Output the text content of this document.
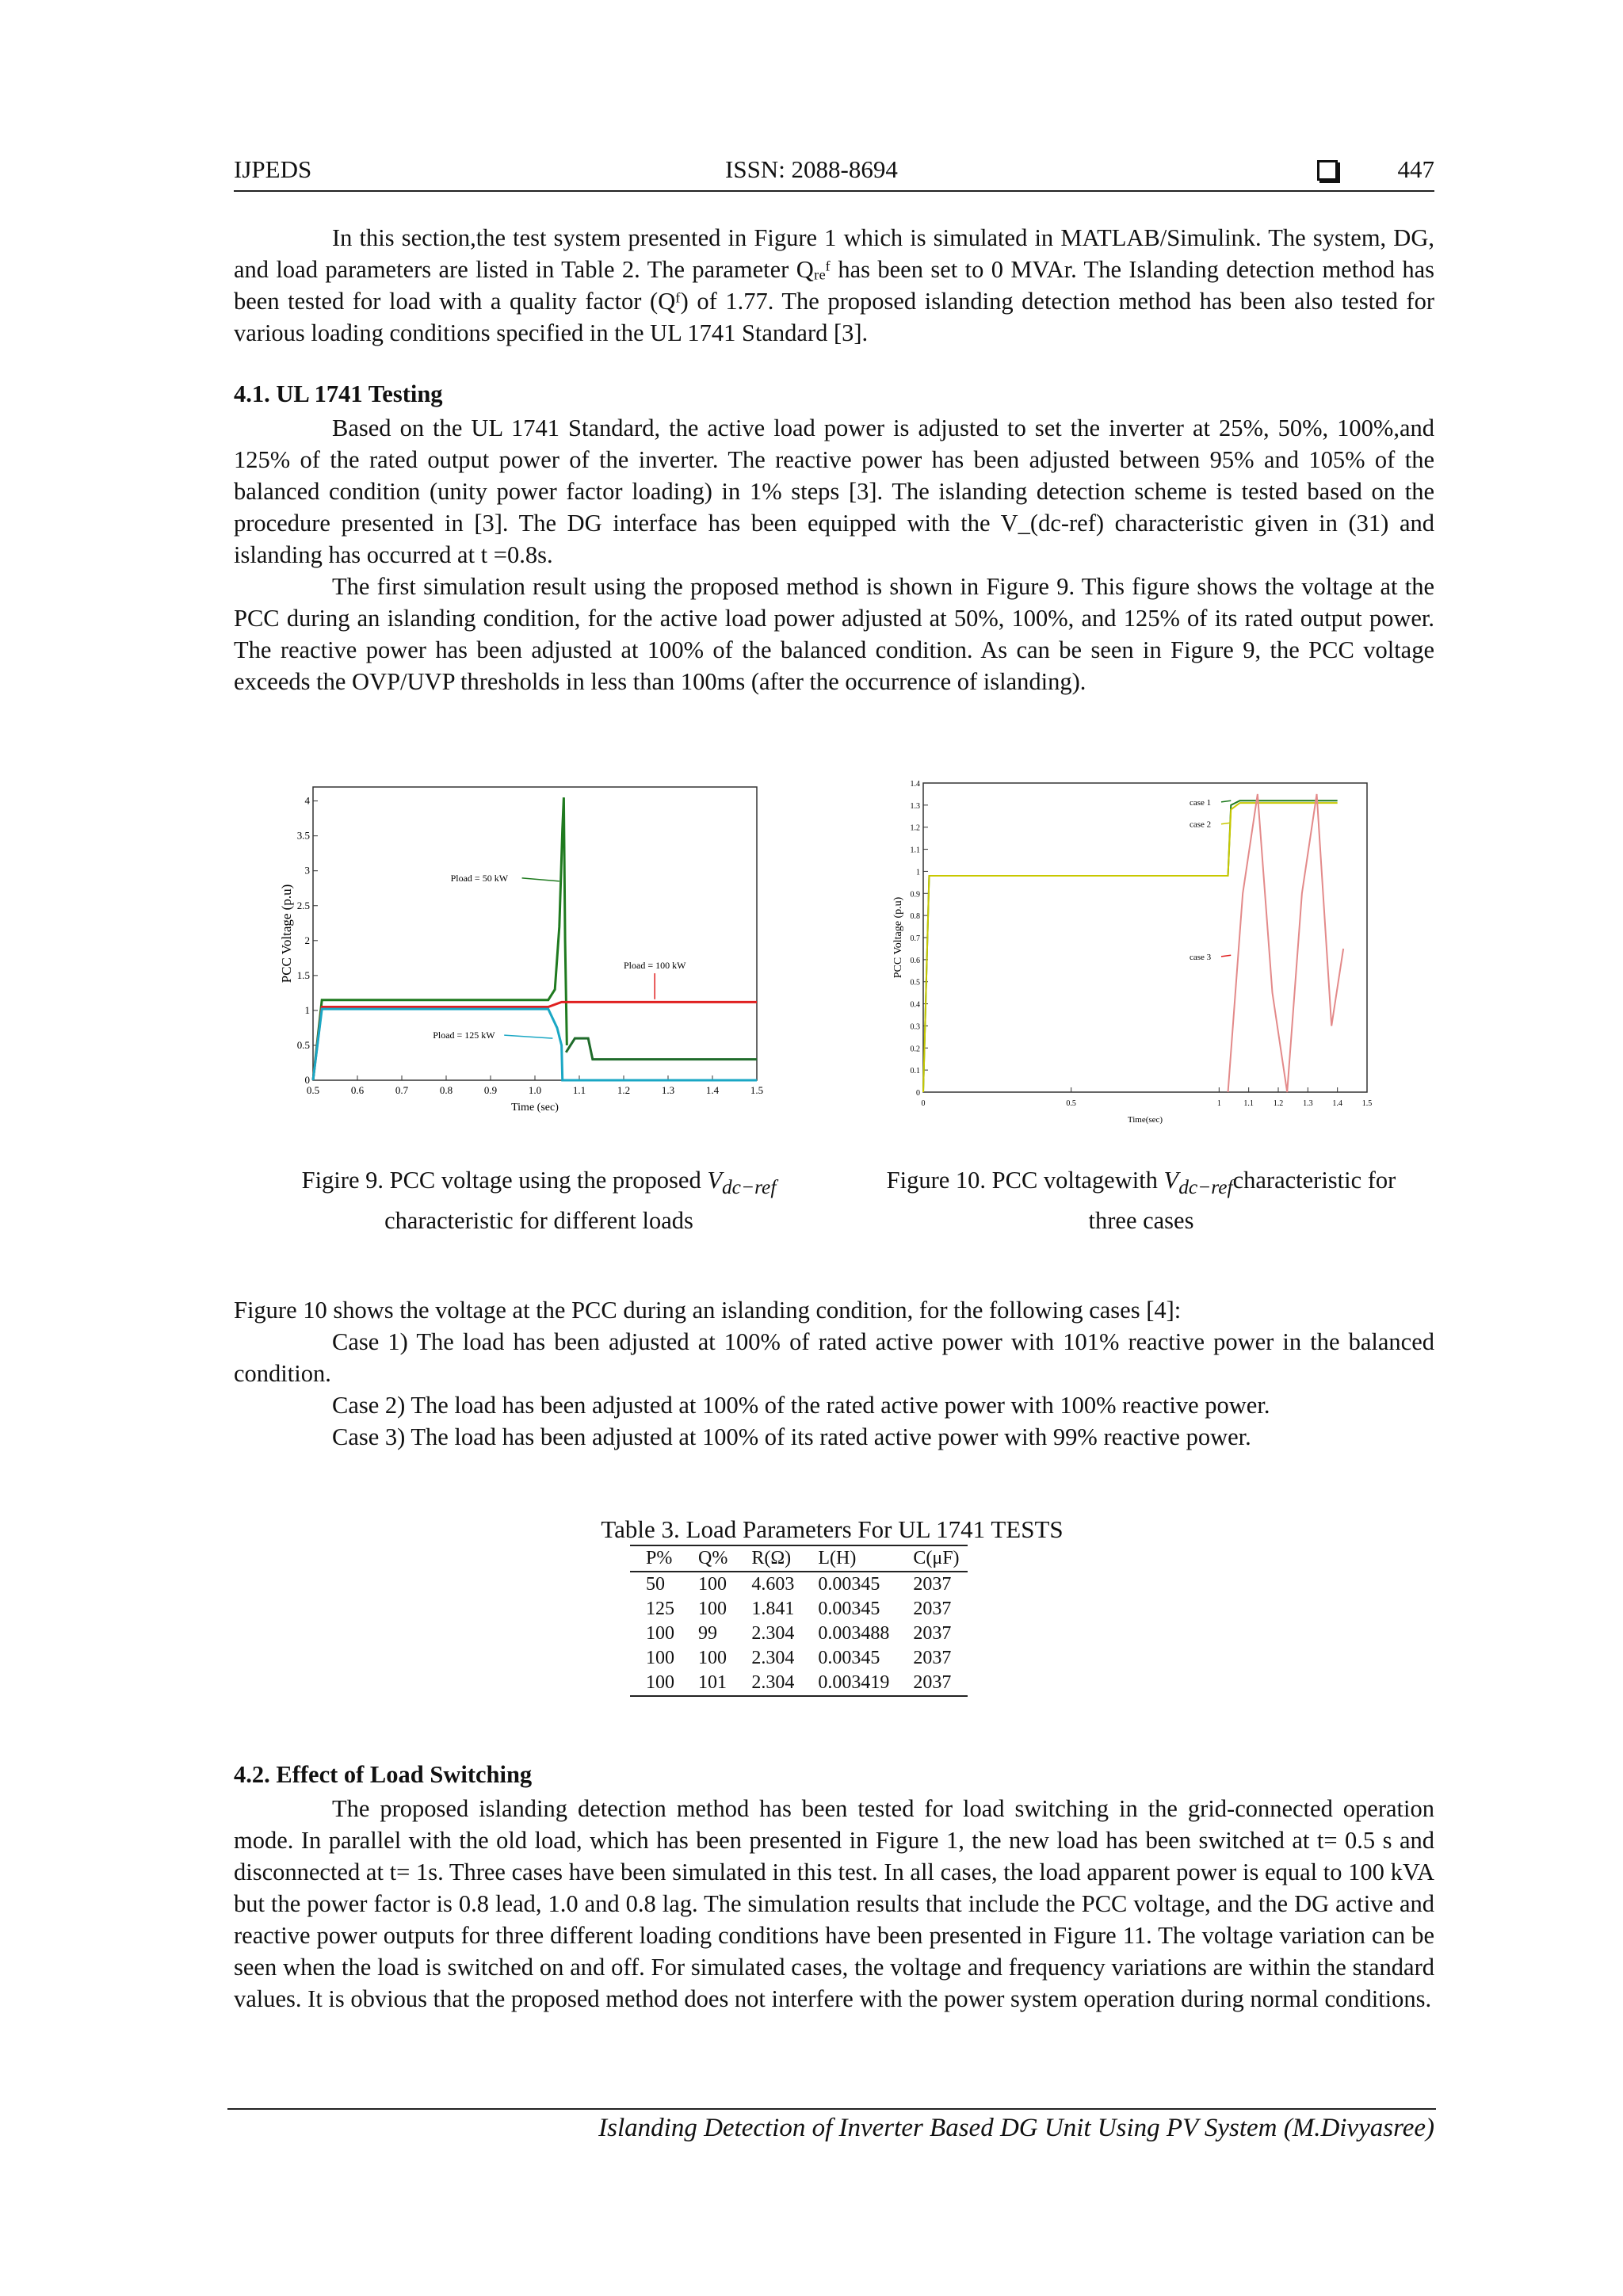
IJPEDS	ISSN: 2088-8694	447

In this section,the test system presented in Figure 1 which is simulated in MATLAB/Simulink. The system, DG, and load parameters are listed in Table 2. The parameter Qᵣₑᶠ has been set to 0 MVAr. The Islanding detection method has been tested for load with a quality factor (Qᶠ) of 1.77. The proposed islanding detection method has been also tested for various loading conditions specified in the UL 1741 Standard [3].

4.1. UL 1741 Testing

Based on the UL 1741 Standard, the active load power is adjusted to set the inverter at 25%, 50%, 100%,and 125% of the rated output power of the inverter. The reactive power has been adjusted between 95% and 105% of the balanced condition (unity power factor loading) in 1% steps [3]. The islanding detection scheme is tested based on the procedure presented in [3]. The DG interface has been equipped with the V_(dc-ref) characteristic given in (31) and islanding has occurred at t =0.8s.

The first simulation result using the proposed method is shown in Figure 9. This figure shows the voltage at the PCC during an islanding condition, for the active load power adjusted at 50%, 100%, and 125% of its rated output power. The reactive power has been adjusted at 100% of the balanced condition. As can be seen in Figure 9, the PCC voltage exceeds the OVP/UVP thresholds in less than 100ms (after the occurrence of islanding).

0.5	0.6	0.7	0.8	0.9	1.0	1.1	1.2	1.3	1.4	1.5
0
0.5
1
1.5
2
2.5
3
3.5
4
Time (sec)
PCC Voltage (p.u)
Pload = 50 kW
Pload = 100 kW
Pload = 125 kW
0	0.5	1	1.1 1.2 1.3 1.4 1.5
0
0.1
0.2
0.3
0.4
0.5
0.6
0.7
0.8
0.9
1
1.1
1.2
1.3
1.4
Time(sec)
PCC Voltage (p.u)
case 1
case 2
case 3
Figire 9. PCC voltage using the proposed $V_{dc-ref}$
characteristic for different loads
Figure 10. PCC voltagewith $V_{dc-ref}characteristic$ for
three cases

Figure 10 shows the voltage at the PCC during an islanding condition, for the following cases [4]:

Case 1) The load has been adjusted at 100% of rated active power with 101% reactive power in the balanced condition.

Case 2) The load has been adjusted at 100% of the rated active power with 100% reactive power.

Case 3) The load has been adjusted at 100% of its rated active power with 99% reactive power.

Table 3. Load Parameters For UL 1741 TESTS
P%	Q%	R(Ω)	L(H)	C(μF)
50	100	4.603	0.00345	2037
125	100	1.841	0.00345	2037
100	99	2.304	0.003488	2037
100	100	2.304	0.00345	2037
100	101	2.304	0.003419	2037

4.2. Effect of Load Switching

The proposed islanding detection method has been tested for load switching in the grid-connected operation mode. In parallel with the old load, which has been presented in Figure 1, the new load has been switched at t= 0.5 s and disconnected at t= 1s. Three cases have been simulated in this test. In all cases, the load apparent power is equal to 100 kVA but the power factor is 0.8 lead, 1.0 and 0.8 lag. The simulation results that include the PCC voltage, and the DG active and reactive power outputs for three different loading conditions have been presented in Figure 11. The voltage variation can be seen when the load is switched on and off. For simulated cases, the voltage and frequency variations are within the standard values. It is obvious that the proposed method does not interfere with the power system operation during normal conditions.

Islanding Detection of Inverter Based DG Unit Using PV System (M.Divyasree)
